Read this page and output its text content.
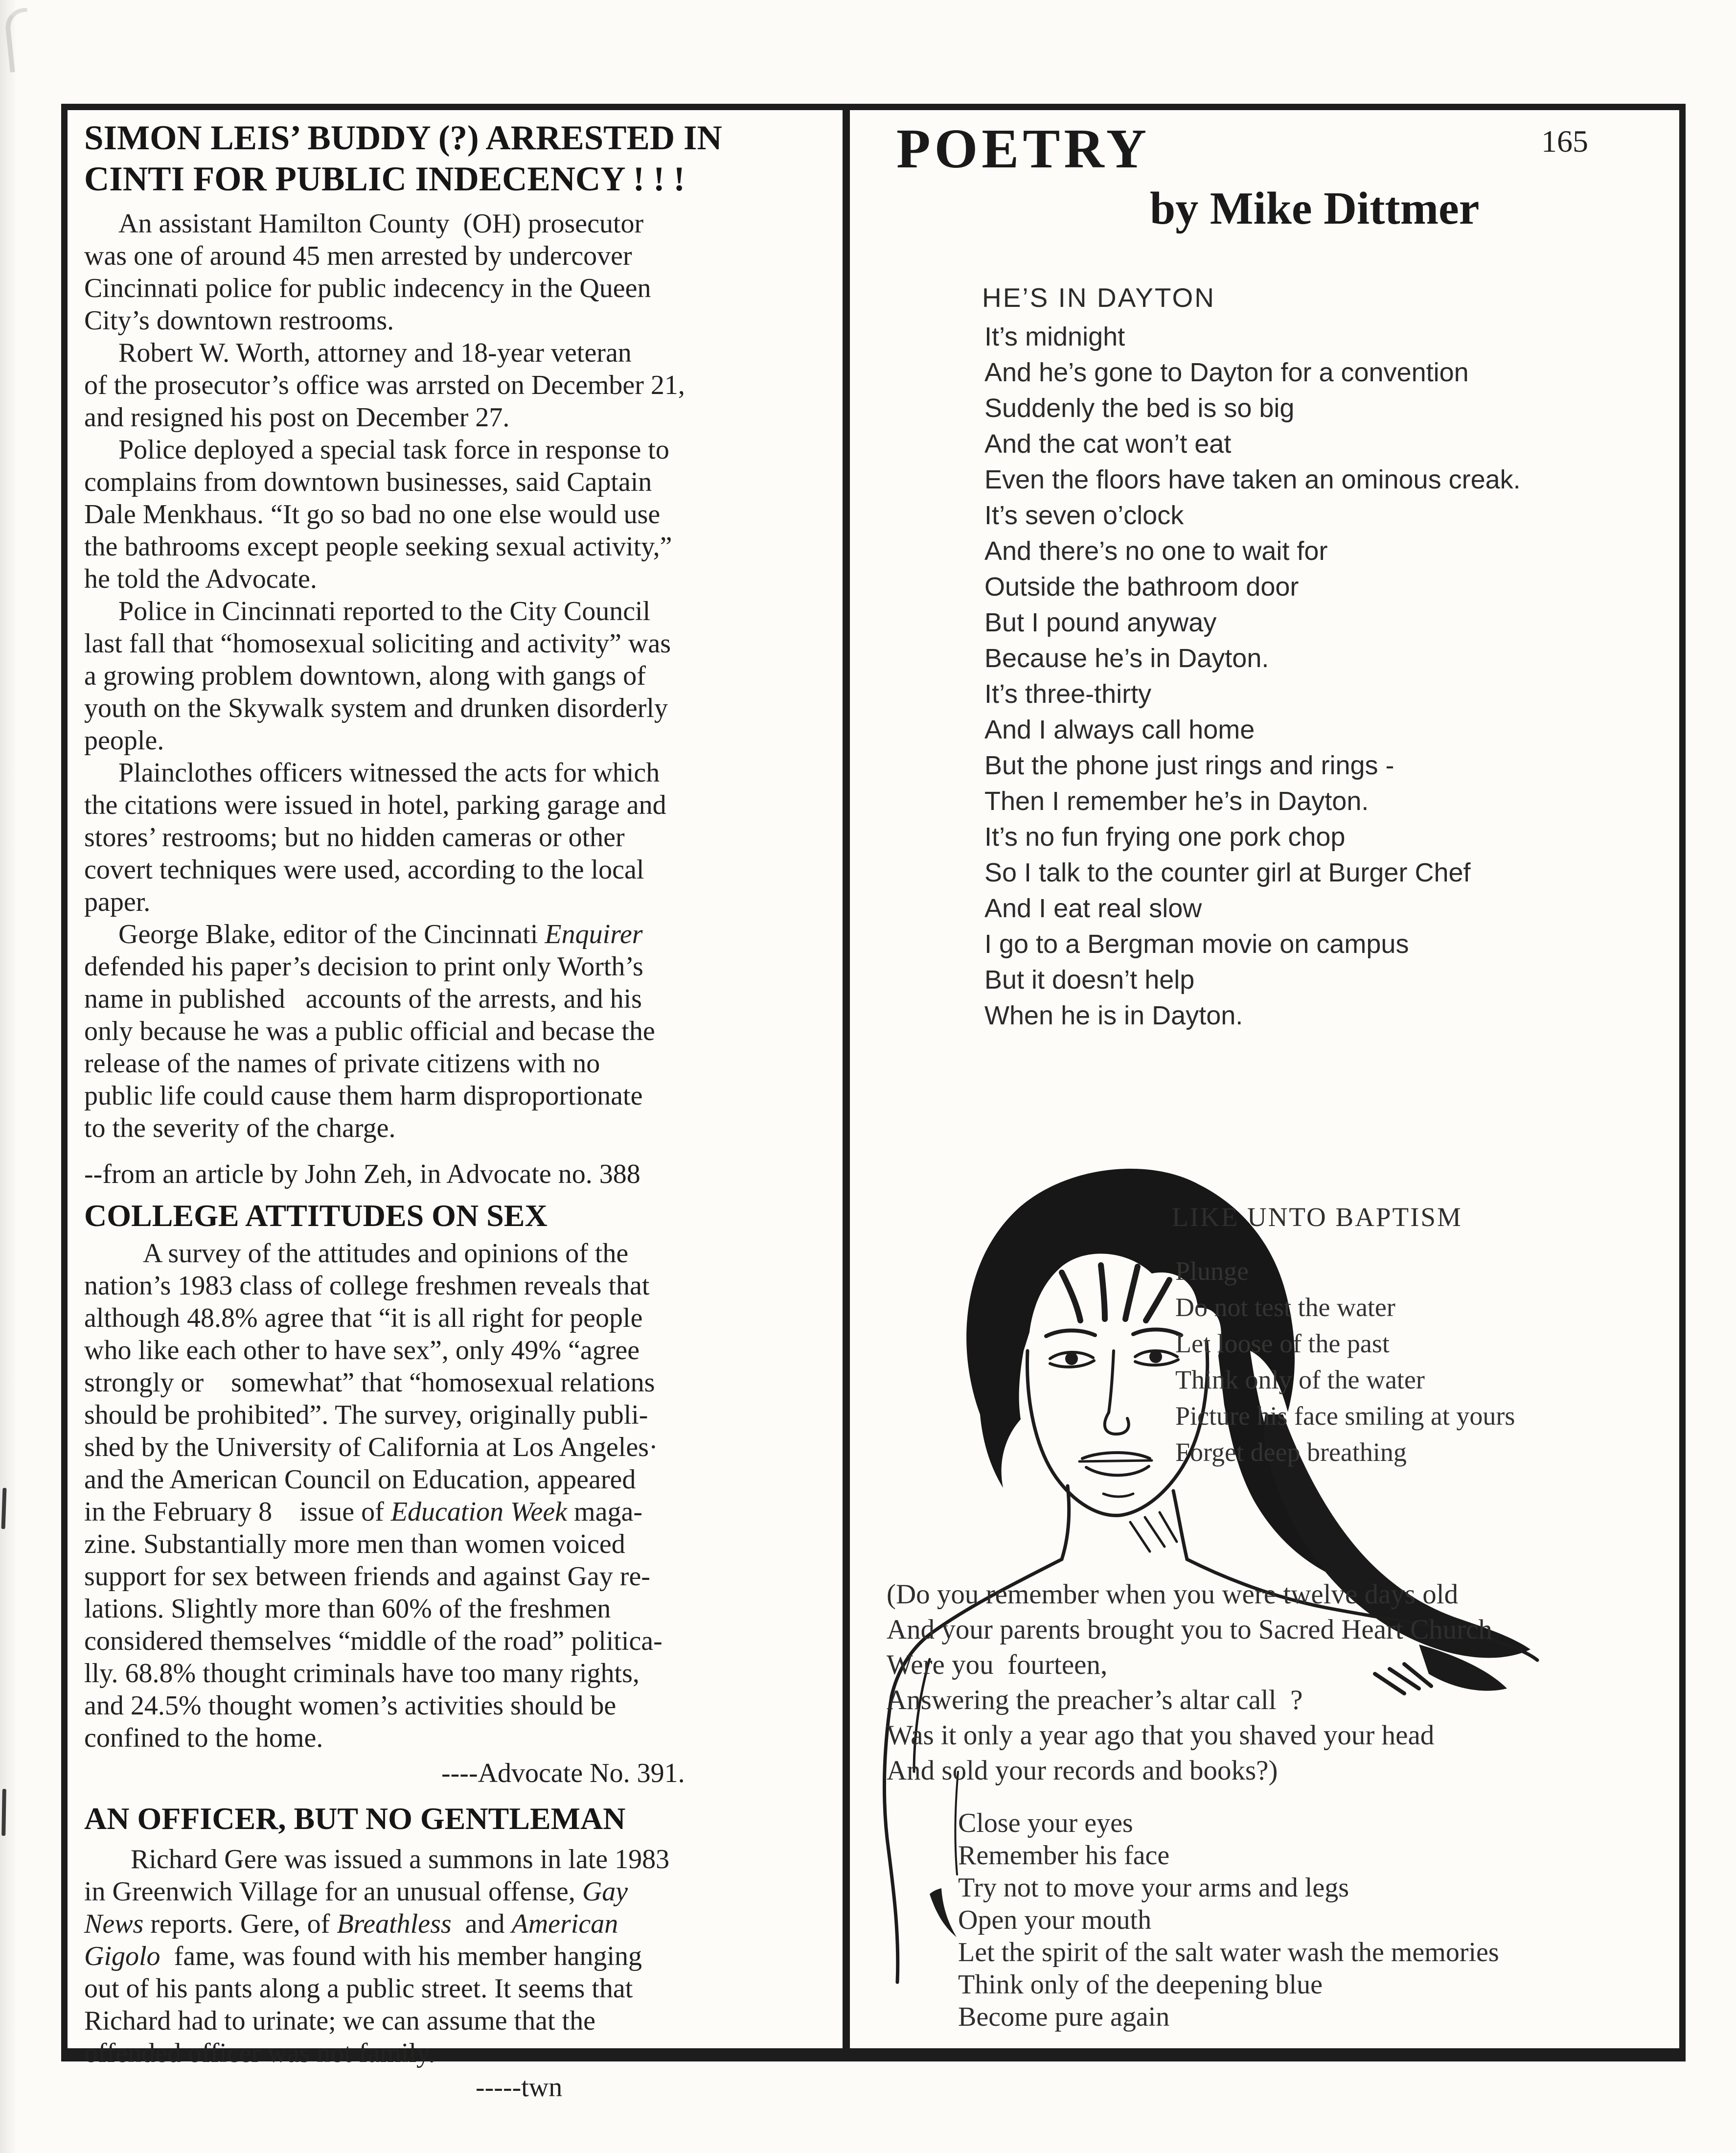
SIMON LEIS’ BUDDY (?) ARRESTED IN
CINTI FOR PUBLIC INDECENCY ! ! !

An assistant Hamilton County  (OH) prosecutor
was one of around 45 men arrested by undercover
Cincinnati police for public indecency in the Queen
City’s downtown restrooms.

Robert W. Worth, attorney and 18-year veteran
of the prosecutor’s office was arrsted on December 21,
and resigned his post on December 27.

Police deployed a special task force in response to
complains from downtown businesses, said Captain
Dale Menkhaus. “It go so bad no one else would use
the bathrooms except people seeking sexual activity,”
he told the Advocate.

Police in Cincinnati reported to the City Council
last fall that “homosexual soliciting and activity” was
a growing problem downtown, along with gangs of
youth on the Skywalk system and drunken disorderly
people.

Plainclothes officers witnessed the acts for which
the citations were issued in hotel, parking garage and
stores’ restrooms; but no hidden cameras or other
covert techniques were used, according to the local
paper.

George Blake, editor of the Cincinnati Enquirer
defended his paper’s decision to print only Worth’s
name in published   accounts of the arrests, and his
only because he was a public official and becase the
release of the names of private citizens with no
public life could cause them harm disproportionate
to the severity of the charge.

--from an article by John Zeh, in Advocate no. 388

COLLEGE ATTITUDES ON SEX

A survey of the attitudes and opinions of the
nation’s 1983 class of college freshmen reveals that
although 48.8% agree that “it is all right for people
who like each other to have sex”, only 49% “agree
strongly or    somewhat” that “homosexual relations
should be prohibited”. The survey, originally publi-
shed by the University of California at Los Angeles·
and the American Council on Education, appeared
in the February 8    issue of Education Week maga-
zine. Substantially more men than women voiced
support for sex between friends and against Gay re-
lations. Slightly more than 60% of the freshmen
considered themselves “middle of the road” politica-
lly. 68.8% thought criminals have too many rights,
and 24.5% thought women’s activities should be
confined to the home.

----Advocate No. 391.

AN OFFICER, BUT NO GENTLEMAN

Richard Gere was issued a summons in late 1983
in Greenwich Village for an unusual offense, Gay
News reports. Gere, of Breathless  and American
Gigolo  fame, was found with his member hanging
out of his pants along a public street. It seems that
Richard had to urinate; we can assume that the
offended officer was not family.

-----twn

POETRY	165
by Mike Dittmer
HE’S IN DAYTON
It’s midnight
And he’s gone to Dayton for a convention
Suddenly the bed is so big
And the cat won’t eat
Even the floors have taken an ominous creak.
It’s seven o’clock
And there’s no one to wait for
Outside the bathroom door
But I pound anyway
Because he’s in Dayton.
It’s three-thirty
And I always call home
But the phone just rings and rings -
Then I remember he’s in Dayton.
It’s no fun frying one pork chop
So I talk to the counter girl at Burger Chef
And I eat real slow
I go to a Bergman movie on campus
But it doesn’t help
When he is in Dayton.
LIKE UNTO BAPTISM
Plunge
Do not test the water
Let loose of the past
Think only of the water
Picture his face smiling at yours
Forget deep breathing
(Do you remember when you were twelve days old
And your parents brought you to Sacred Heart Church
Were you  fourteen,
Answering the preacher’s altar call  ?
Was it only a year ago that you shaved your head
And sold your records and books?)
Close your eyes
Remember his face
Try not to move your arms and legs
Open your mouth
Let the spirit of the salt water wash the memories
Think only of the deepening blue
Become pure again
